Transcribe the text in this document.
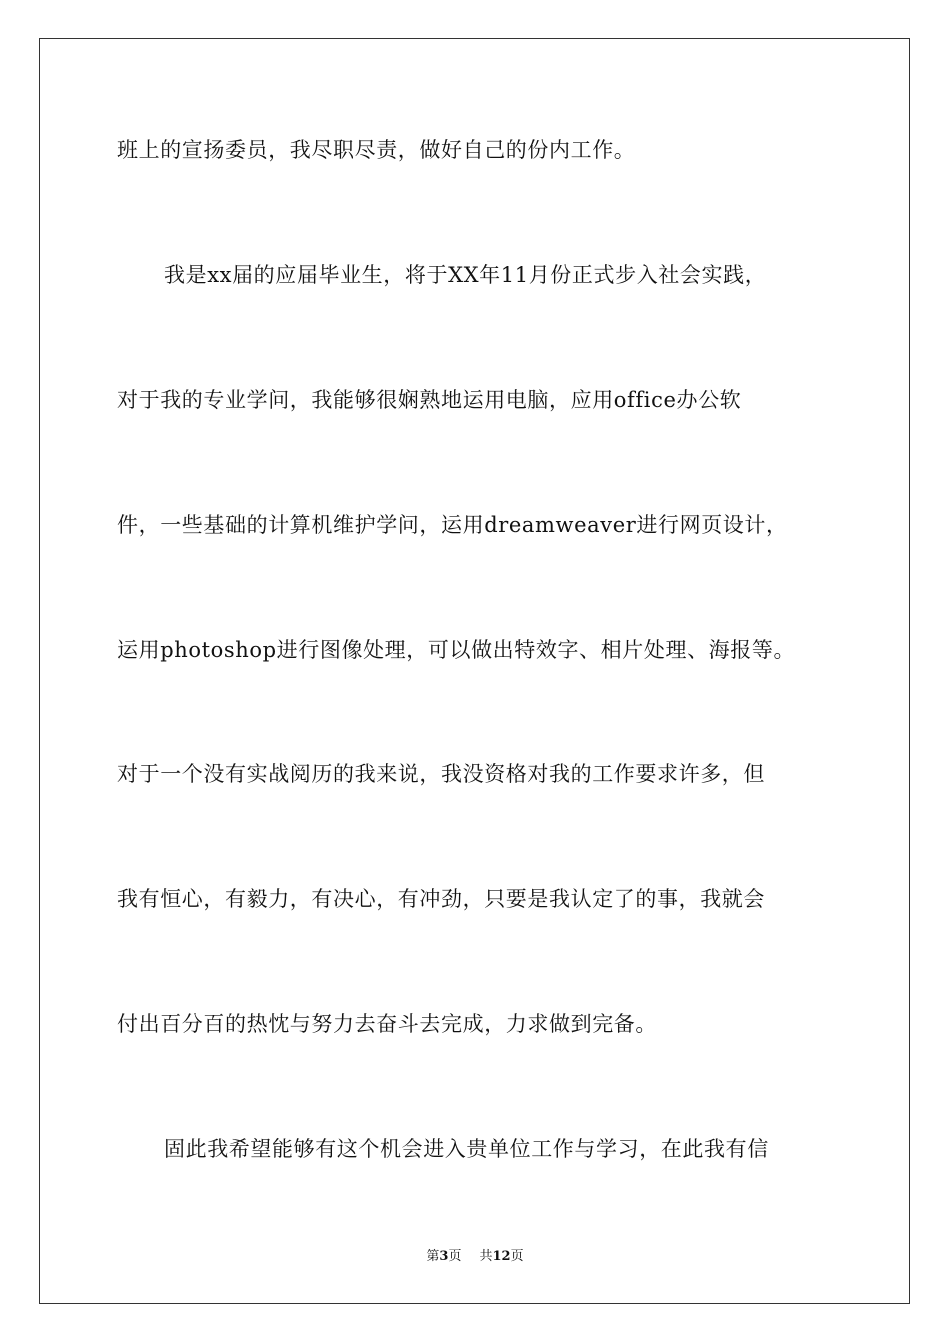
班上的宣扬委员，我尽职尽责，做好自己的份内工作。
我是xx届的应届毕业生，将于XX年11月份正式步入社会实践，
对于我的专业学问，我能够很娴熟地运用电脑，应用office办公软
件，一些基础的计算机维护学问，运用dreamweaver进行网页设计，
运用photoshop进行图像处理，可以做出特效字、相片处理、海报等。
对于一个没有实战阅历的我来说，我没资格对我的工作要求许多，但
我有恒心，有毅力，有决心，有冲劲，只要是我认定了的事，我就会
付出百分百的热忱与努力去奋斗去完成，力求做到完备。
固此我希望能够有这个机会进入贵单位工作与学习，在此我有信
第3页 共12页
